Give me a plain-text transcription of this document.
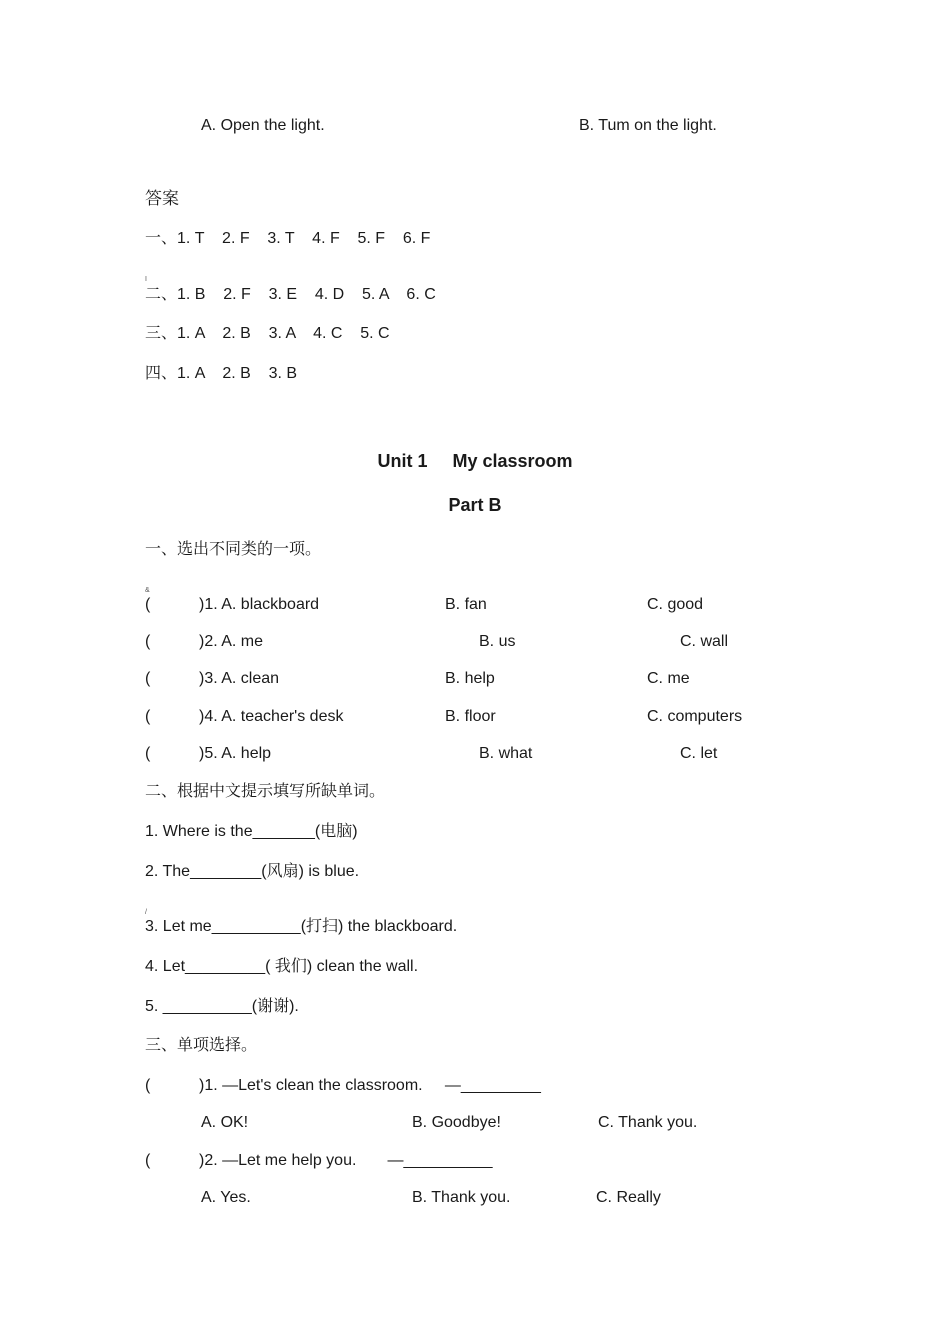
A. Open the light.	B. Tum on the light.
答案
一、1. T    2. F    3. T    4. F    5. F    6. F
I
二、1. B    2. F    3. E    4. D    5. A    6. C
三、1. A    2. B    3. A    4. C    5. C
四、1. A    2. B    3. B
Unit 1     My classroom
Part B
一、选出不同类的一项。
&
(	)1. A. blackboard	B. fan	C. good
(	)2. A. me	B. us	C. wall
(	)3. A. clean	B. help	C. me
(	)4. A. teacher's desk	B. floor	C. computers
(	)5. A. help	B. what	C. let
二、根据中文提示填写所缺单词。
1. Where is the_______(电脑)
2. The________(风扇) is blue.
/
3. Let me__________(打扫) the blackboard.
4. Let_________( 我们) clean the wall.
5. __________(谢谢).
三、单项选择。
(	)1. —Let's clean the classroom.     —_________
A. OK!	B. Goodbye!	C. Thank you.
(	)2. —Let me help you.       —__________
A. Yes.	B. Thank you.	C. Really
